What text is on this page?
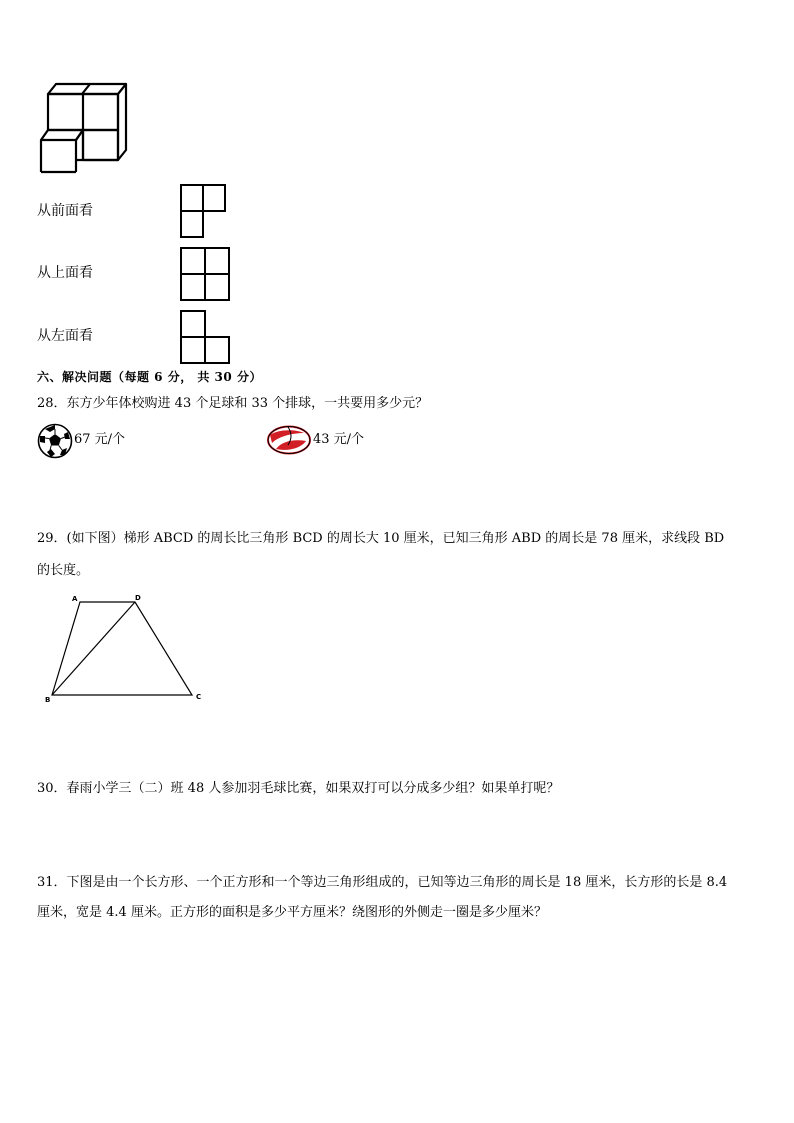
从前面看
从上面看
从左面看
六、解决问题（每题 6 分， 共 30 分）
28．东方少年体校购进 43 个足球和 33 个排球，一共要用多少元？
67 元/个	43 元/个
29．(如下图）梯形 ABCD 的周长比三角形 BCD 的周长大 10 厘米，已知三角形 ABD 的周长是 78 厘米，求线段 BD
的长度。
A	D
B	C
30．春雨小学三（二）班 48 人参加羽毛球比赛，如果双打可以分成多少组？如果单打呢？
31．下图是由一个长方形、一个正方形和一个等边三角形组成的，已知等边三角形的周长是 18 厘米，长方形的长是 8.4
厘米，宽是 4.4 厘米。正方形的面积是多少平方厘米？绕图形的外侧走一圈是多少厘米？
